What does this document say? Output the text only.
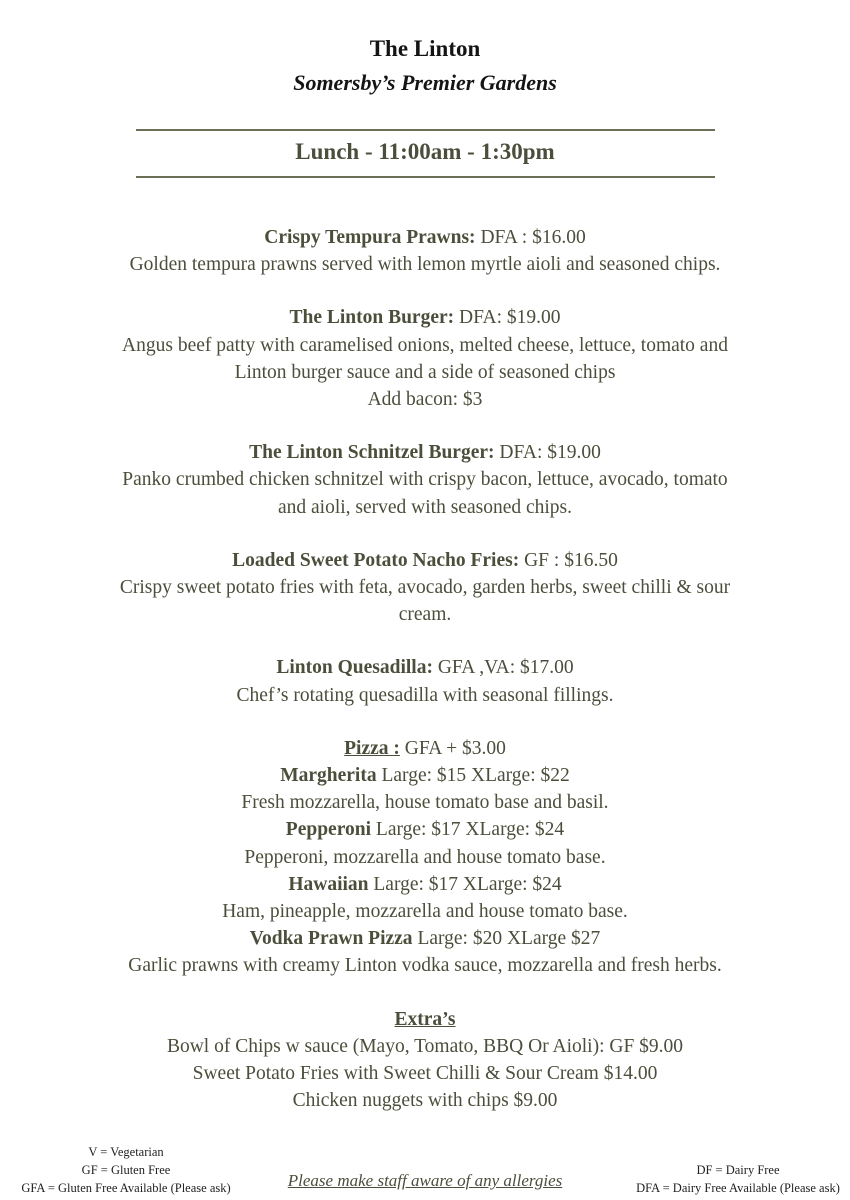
The Linton
Somersby’s Premier Gardens
Lunch - 11:00am - 1:30pm
Crispy Tempura Prawns: DFA : $16.00
Golden tempura prawns served with lemon myrtle aioli and seasoned chips.
The Linton Burger: DFA: $19.00
Angus beef patty with caramelised onions, melted cheese, lettuce, tomato and
Linton burger sauce and a side of seasoned chips
Add bacon: $3
The Linton Schnitzel Burger: DFA: $19.00
Panko crumbed chicken schnitzel with crispy bacon, lettuce, avocado, tomato
and aioli, served with seasoned chips.
Loaded Sweet Potato Nacho Fries: GF : $16.50
Crispy sweet potato fries with feta, avocado, garden herbs, sweet chilli & sour
cream.
Linton Quesadilla: GFA ,VA: $17.00
Chef’s rotating quesadilla with seasonal fillings.
Pizza : GFA + $3.00
Margherita Large: $15 XLarge: $22
Fresh mozzarella, house tomato base and basil.
Pepperoni Large: $17 XLarge: $24
Pepperoni, mozzarella and house tomato base.
Hawaiian Large: $17 XLarge: $24
Ham, pineapple, mozzarella and house tomato base.
Vodka Prawn Pizza Large: $20 XLarge $27
Garlic prawns with creamy Linton vodka sauce, mozzarella and fresh herbs.
Extra’s
Bowl of Chips w sauce (Mayo, Tomato, BBQ Or Aioli): GF $9.00
Sweet Potato Fries with Sweet Chilli & Sour Cream $14.00
Chicken nuggets with chips $9.00
V = Vegetarian
GF = Gluten Free
GFA = Gluten Free Available (Please ask)	Please make staff aware of any allergies
DF = Dairy Free
DFA = Dairy Free Available (Please ask)
